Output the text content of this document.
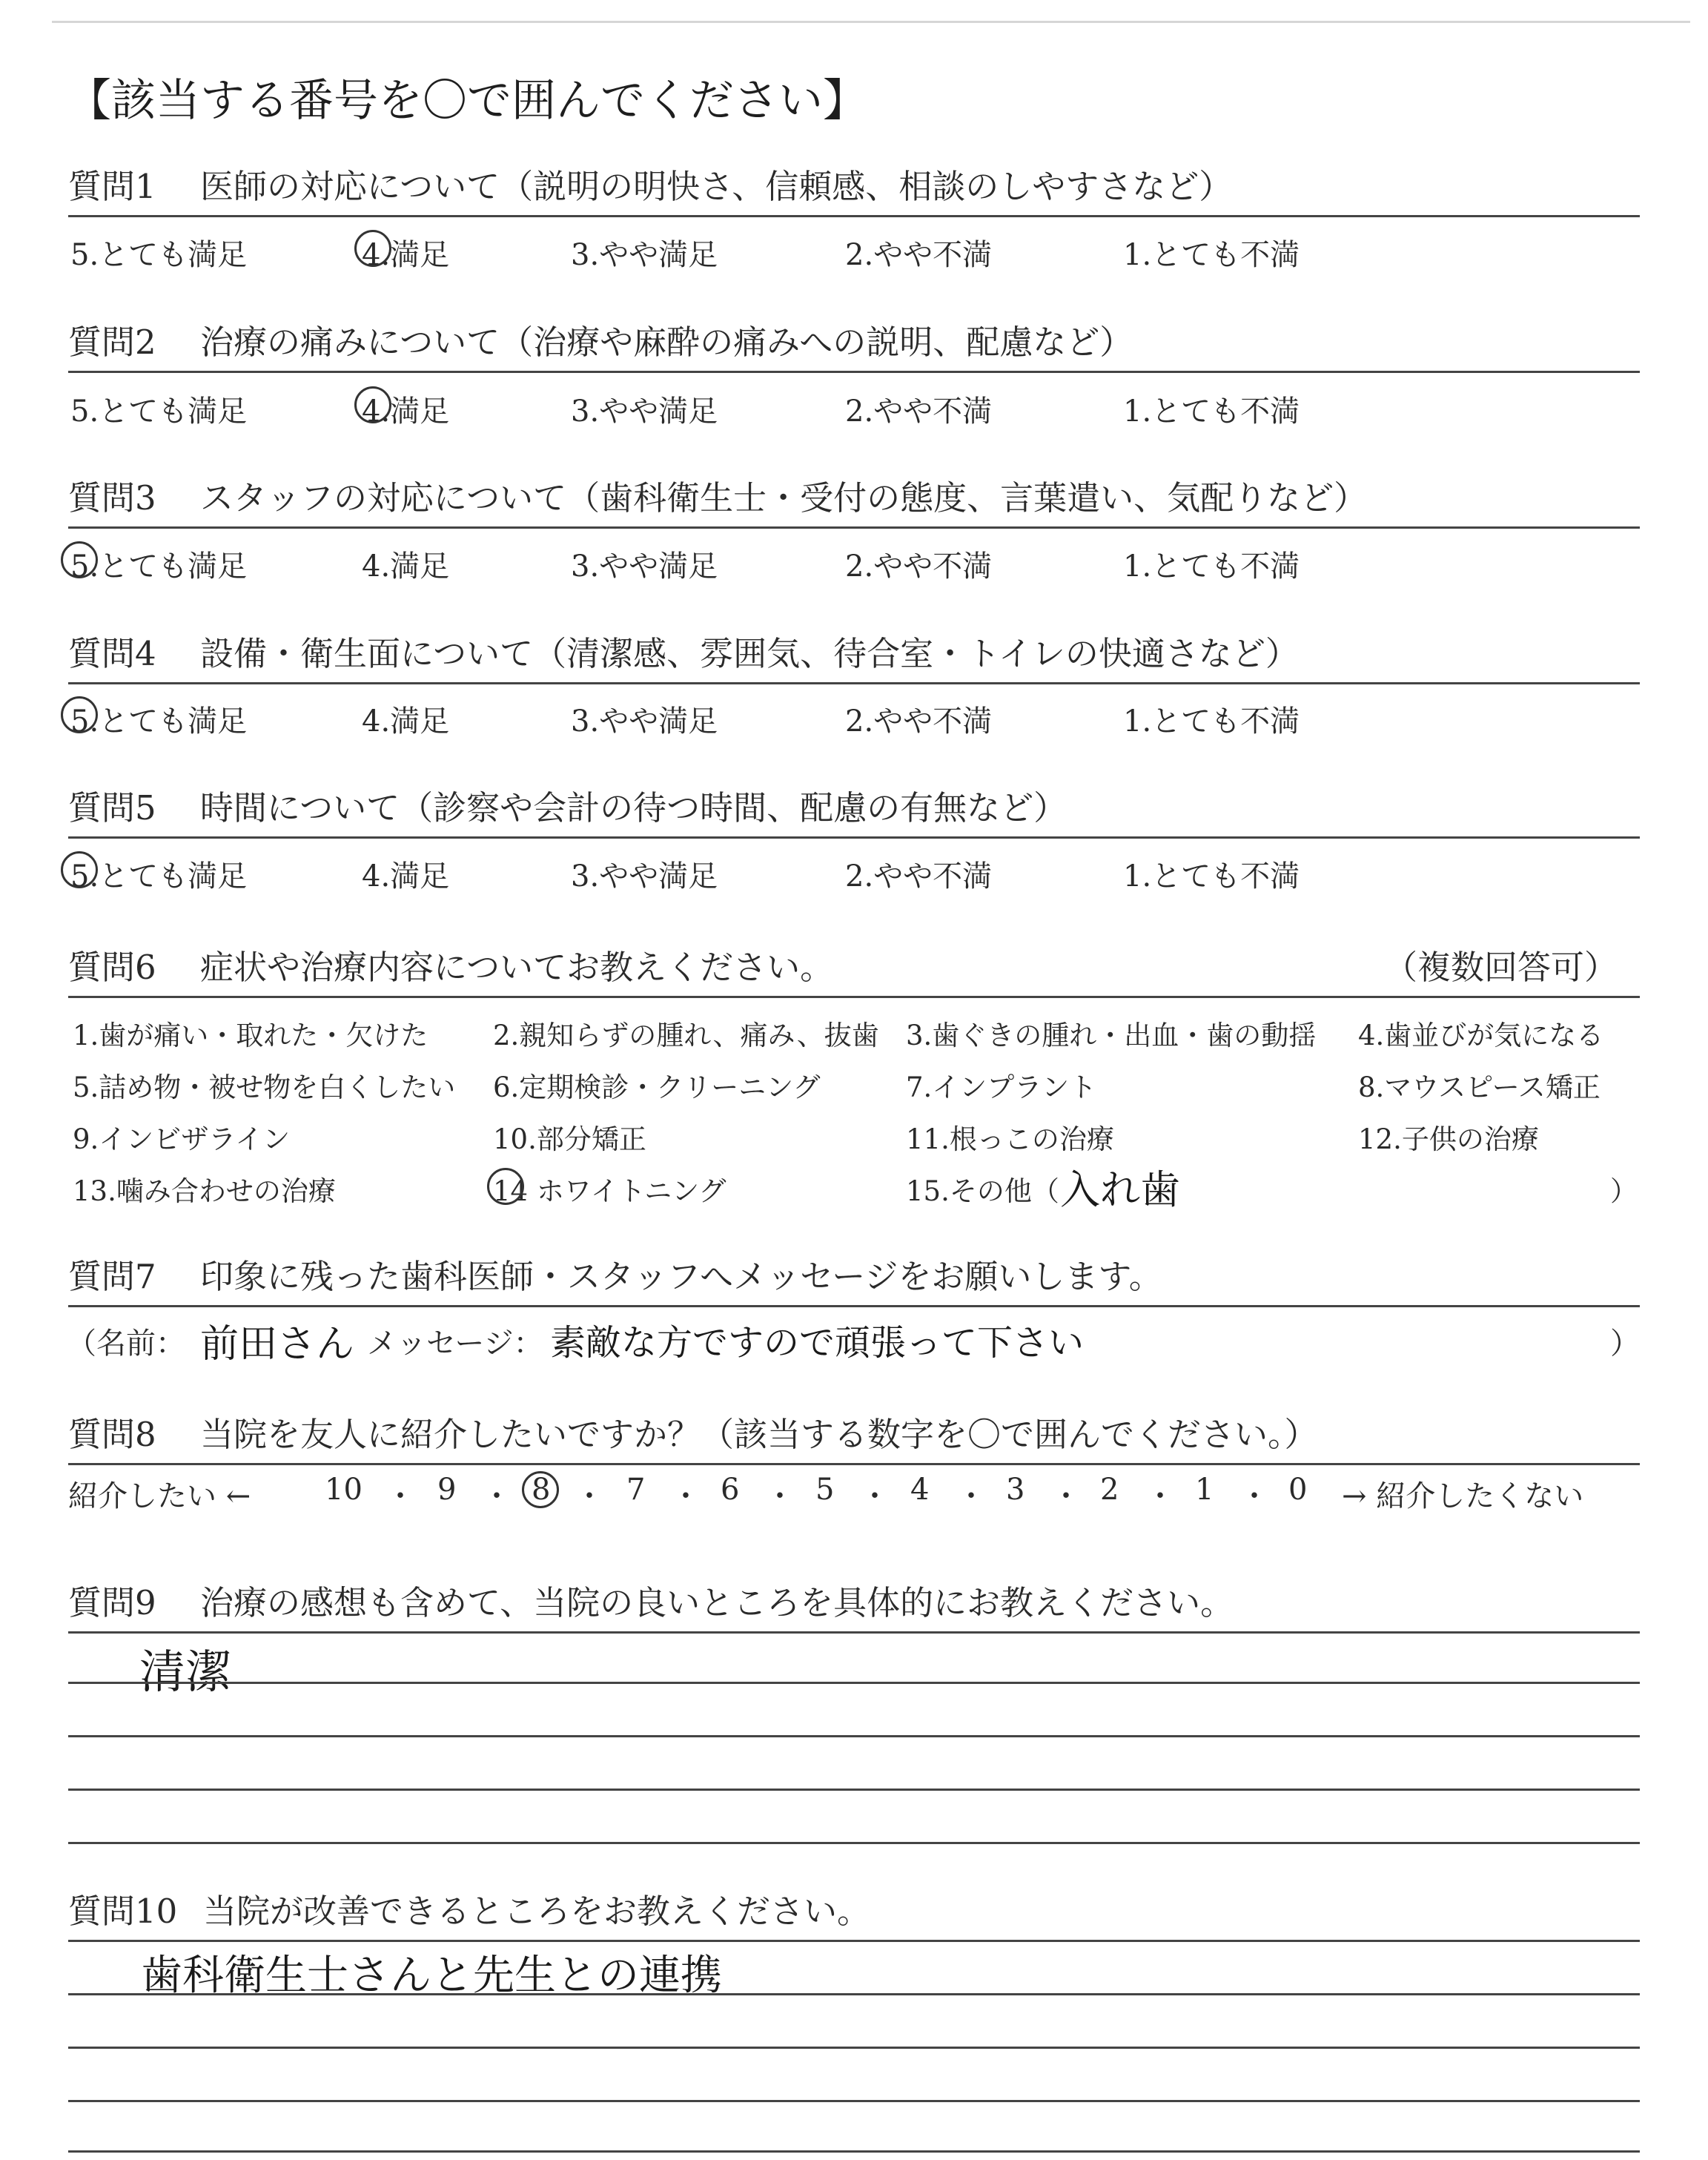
【該当する番号を〇で囲んでください】
質問1 医師の対応について（説明の明快さ、信頼感、相談のしやすさなど）
5.とても満足	4.満足	3.やや満足	2.やや不満	1.とても不満
質問2 治療の痛みについて（治療や麻酔の痛みへの説明、配慮など）
5.とても満足	4.満足	3.やや満足	2.やや不満	1.とても不満
質問3 スタッフの対応について（歯科衛生士・受付の態度、言葉遣い、気配りなど）
5.とても満足	4.満足	3.やや満足	2.やや不満	1.とても不満
質問4 設備・衛生面について（清潔感、雰囲気、待合室・トイレの快適さなど）
5.とても満足	4.満足	3.やや満足	2.やや不満	1.とても不満
質問5 時間について（診察や会計の待つ時間、配慮の有無など）
5.とても満足	4.満足	3.やや満足	2.やや不満	1.とても不満
質問6 症状や治療内容についてお教えください。	（複数回答可）
1.歯が痛い・取れた・欠けた 2.親知らずの腫れ、痛み、抜歯 3.歯ぐきの腫れ・出血・歯の動揺 4.歯並びが気になる
5.詰め物・被せ物を白くしたい 6.定期検診・クリーニング	7.インプラント	8.マウスピース矯正
9.インビザライン	10.部分矯正	11.根っこの治療	12.子供の治療
13.噛み合わせの治療	14 ホワイトニング	15.その他（ 入れ歯	）
質問7 印象に残った歯科医師・スタッフへメッセージをお願いします。
（名前： 前田さん メッセージ： 素敵な方ですので頑張って下さい	）
質問8 当院を友人に紹介したいですか？（該当する数字を〇で囲んでください。）
紹介したい ← 10 ・ 9 ・ 8 ・ 7 ・ 6 ・ 5 ・ 4 ・ 3 ・ 2 ・ 1 ・ 0 → 紹介したくない
質問9 治療の感想も含めて、当院の良いところを具体的にお教えください。
清潔
質問10 当院が改善できるところをお教えください。
歯科衛生士さんと先生との連携
